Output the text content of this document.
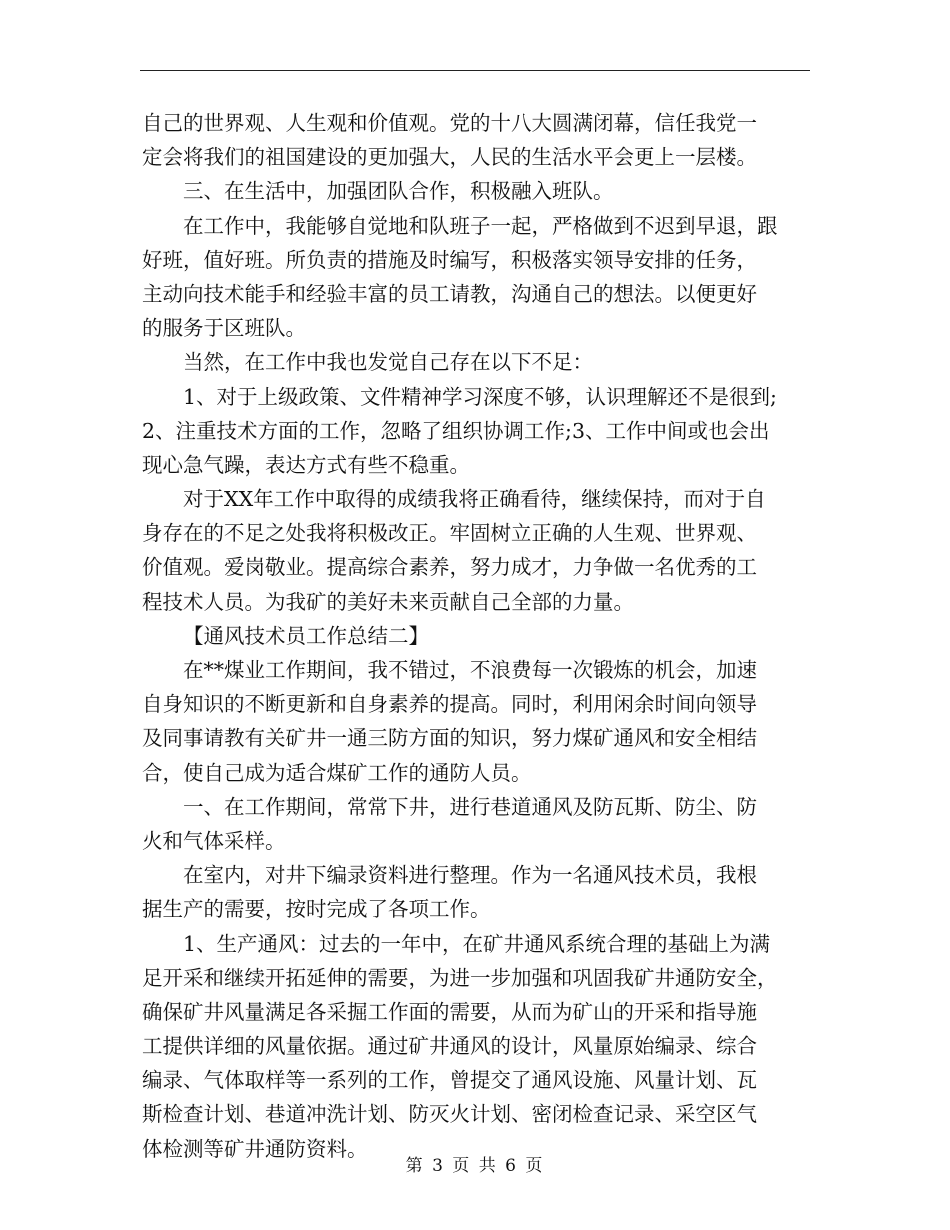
自己的世界观、人生观和价值观。党的十八大圆满闭幕，信任我党一
定会将我们的祖国建设的更加强大，人民的生活水平会更上一层楼。
三、在生活中，加强团队合作，积极融入班队。
在工作中，我能够自觉地和队班子一起，严格做到不迟到早退，跟
好班，值好班。所负责的措施及时编写，积极落实领导安排的任务，
主动向技术能手和经验丰富的员工请教，沟通自己的想法。以便更好
的服务于区班队。
当然，在工作中我也发觉自己存在以下不足：
1、对于上级政策、文件精神学习深度不够，认识理解还不是很到;
2、注重技术方面的工作，忽略了组织协调工作;3、工作中间或也会出
现心急气躁，表达方式有些不稳重。
对于XX年工作中取得的成绩我将正确看待，继续保持，而对于自
身存在的不足之处我将积极改正。牢固树立正确的人生观、世界观、
价值观。爱岗敬业。提高综合素养，努力成才，力争做一名优秀的工
程技术人员。为我矿的美好未来贡献自己全部的力量。
【通风技术员工作总结二】
在**煤业工作期间，我不错过，不浪费每一次锻炼的机会，加速
自身知识的不断更新和自身素养的提高。同时，利用闲余时间向领导
及同事请教有关矿井一通三防方面的知识，努力煤矿通风和安全相结
合，使自己成为适合煤矿工作的通防人员。
一、在工作期间，常常下井，进行巷道通风及防瓦斯、防尘、防
火和气体采样。
在室内，对井下编录资料进行整理。作为一名通风技术员，我根
据生产的需要，按时完成了各项工作。
1、生产通风：过去的一年中，在矿井通风系统合理的基础上为满
足开采和继续开拓延伸的需要，为进一步加强和巩固我矿井通防安全，
确保矿井风量满足各采掘工作面的需要，从而为矿山的开采和指导施
工提供详细的风量依据。通过矿井通风的设计，风量原始编录、综合
编录、气体取样等一系列的工作，曾提交了通风设施、风量计划、瓦
斯检查计划、巷道冲洗计划、防灭火计划、密闭检查记录、采空区气
体检测等矿井通防资料。
第 3 页 共 6 页
